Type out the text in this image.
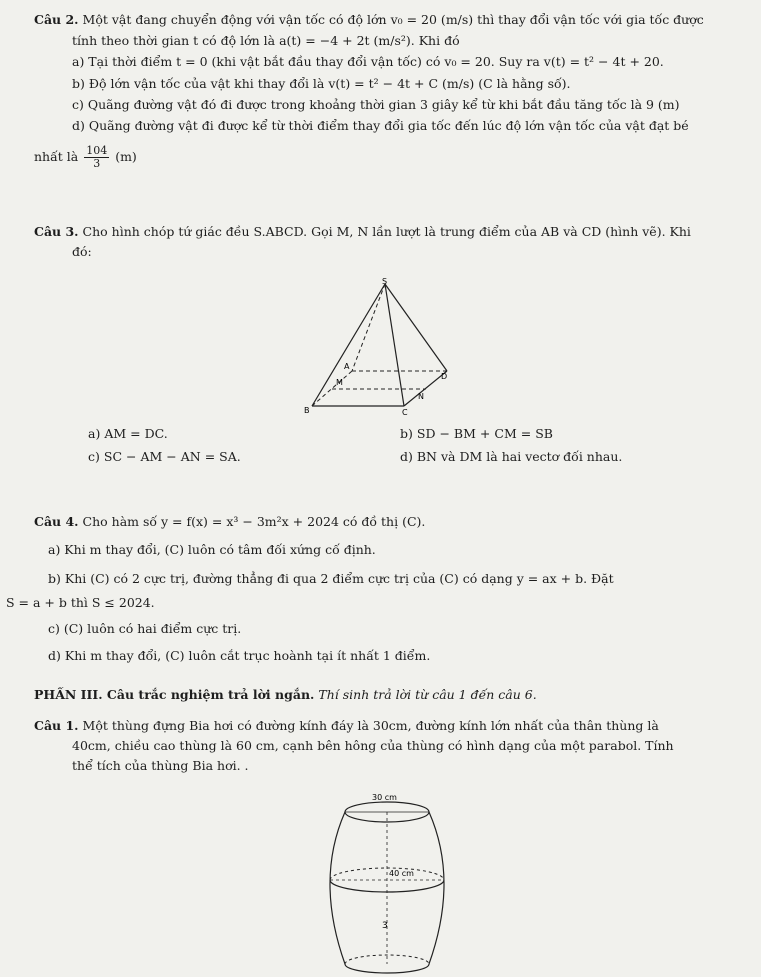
Câu 2. Một vật đang chuyển động với vận tốc có độ lớn v₀ = 20 (m/s) thì thay đổi vận tốc với gia tốc được
tính theo thời gian t có độ lớn là a(t) = −4 + 2t (m/s²). Khi đó
a) Tại thời điểm t = 0 (khi vật bắt đầu thay đổi vận tốc) có v₀ = 20. Suy ra v(t) = t² − 4t + 20.
b) Độ lớn vận tốc của vật khi thay đổi là v(t) = t² − 4t + C (m/s) (C là hằng số).
c) Quãng đường vật đó đi được trong khoảng thời gian 3 giây kể từ khi bắt đầu tăng tốc là 9 (m)
d) Quãng đường vật đi được kể từ thời điểm thay đổi gia tốc đến lúc độ lớn vận tốc của vật đạt bé
nhất là $\frac{104}{3} (m)$
Câu 3. Cho hình chóp tứ giác đều S.ABCD. Gọi M, N lần lượt là trung điểm của AB và CD (hình vẽ). Khi
đó:
S
A
B	C
D
M
N
a) $\overline{AM} = \overline{DC}$.	b) $\overline{SD} - \overline{BM} + \overline{CM} = \overline{SB}$
c) $\overline{SC} - \overline{AM} - \overline{AN} = \overline{SA}$.	d) $\overline{BN}$ và $\overline{DM}$ là hai vectơ đối nhau.
Câu 4. Cho hàm số y = f(x) = x³ − 3m²x + 2024 có đồ thị (C).
a) Khi m thay đổi, (C) luôn có tâm đối xứng cố định.
b) Khi (C) có 2 cực trị, đường thẳng đi qua 2 điểm cực trị của (C) có dạng y = ax + b. Đặt
S = a + b thì S ≤ 2024.
c) (C) luôn có hai điểm cực trị.
d) Khi m thay đổi, (C) luôn cắt trục hoành tại ít nhất 1 điểm.
PHẦN III. Câu trắc nghiệm trả lời ngắn. Thí sinh trả lời từ câu 1 đến câu 6.
Câu 1. Một thùng đựng Bia hơi có đường kính đáy là 30cm, đường kính lớn nhất của thân thùng là
40cm, chiều cao thùng là 60 cm, cạnh bên hông của thùng có hình dạng của một parabol. Tính
thể tích của thùng Bia hơi. .
30 cm
40 cm
3
